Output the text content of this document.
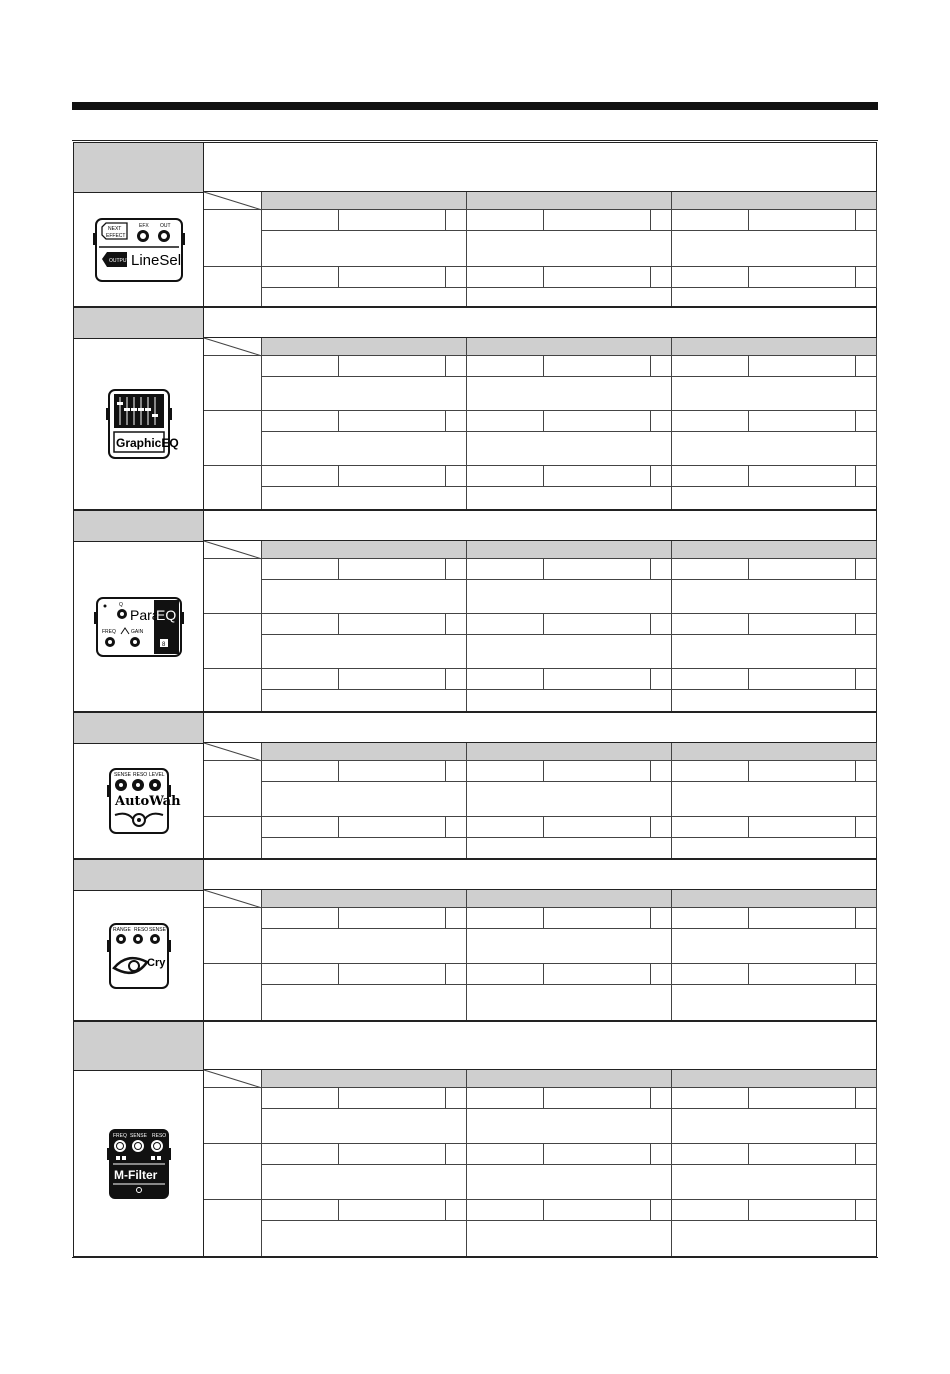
NEXT
EFFECT
EFX OUT
OUTPUT LineSel
GraphicEQ
Q
Para
EQ
FREQ	GAIN
8
SENSE RESO LEVEL
AutoWah
RANGE RESO SENSE
Cry
FREQ SENSE RESO
M-Filter
